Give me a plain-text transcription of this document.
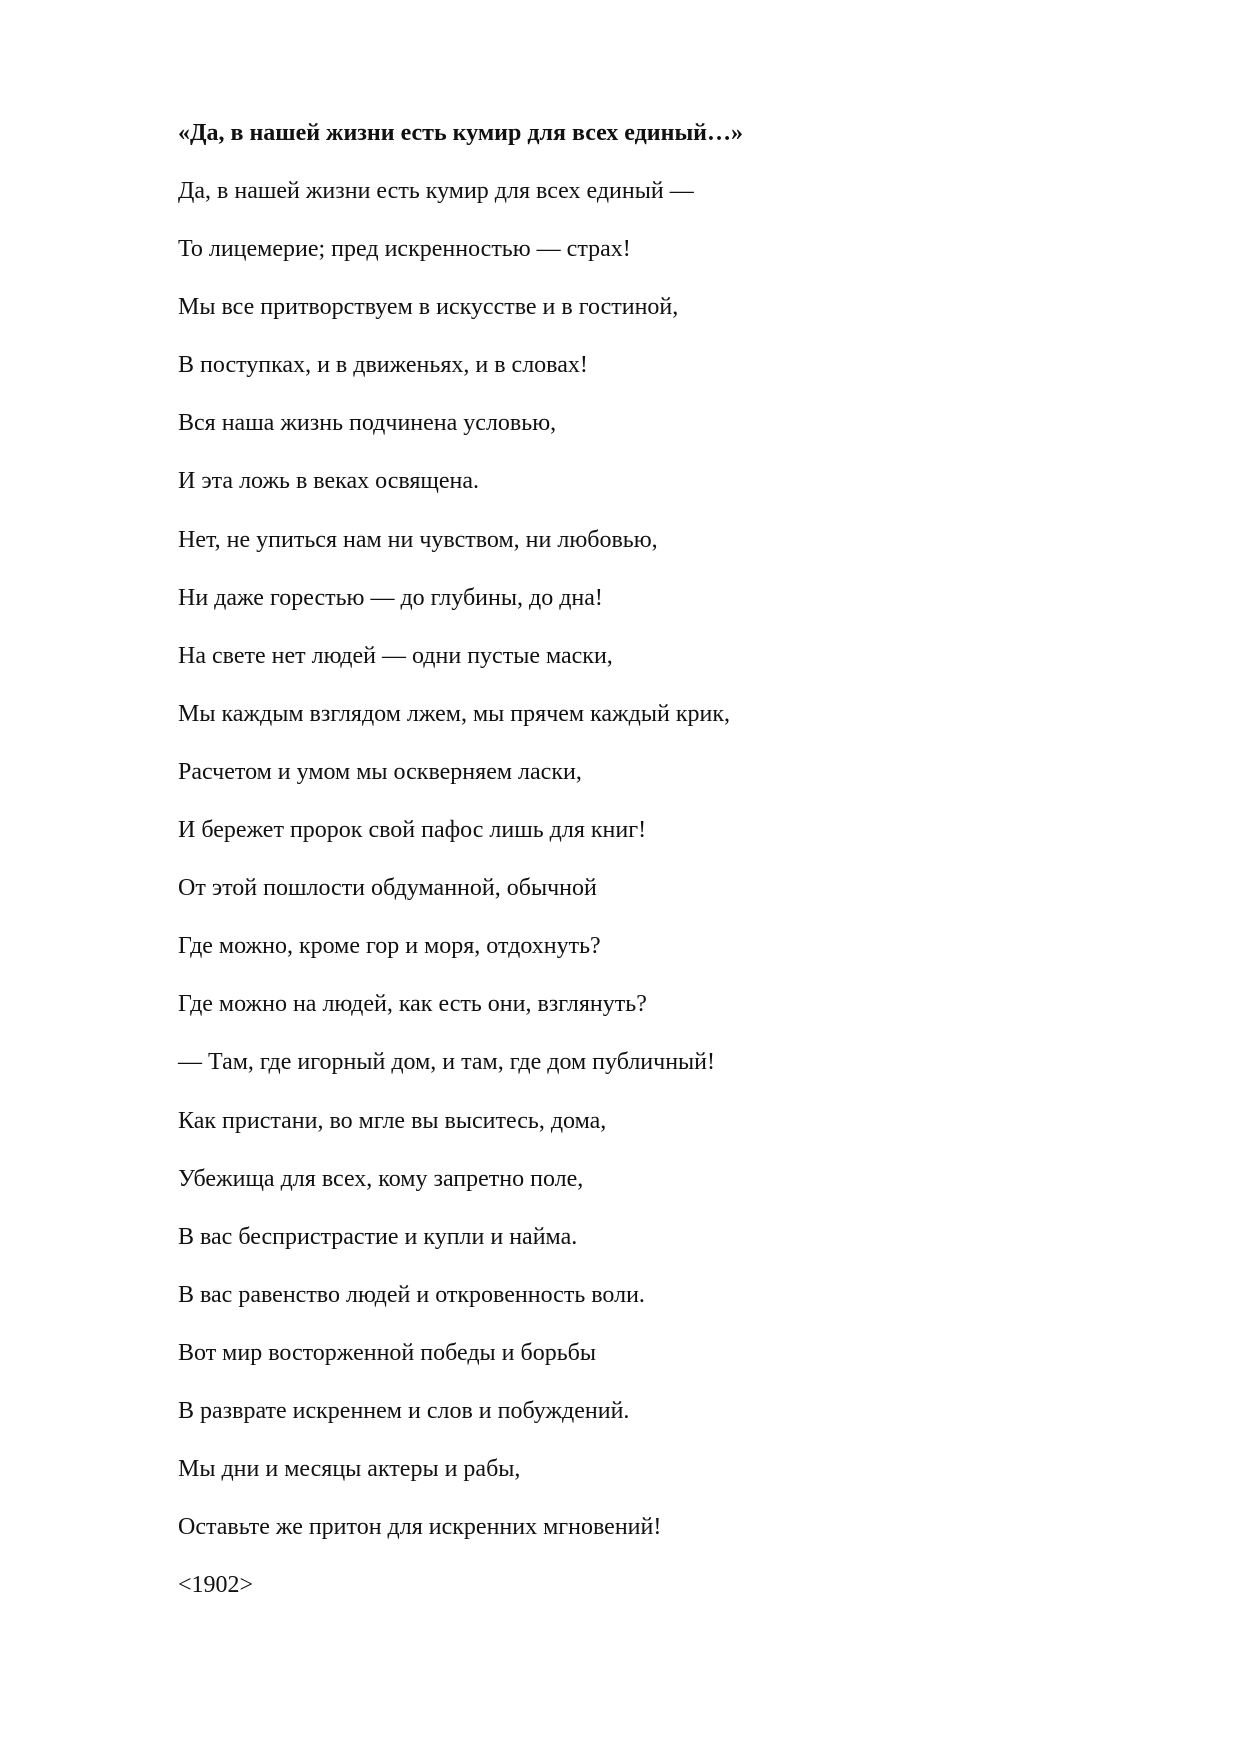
«Да, в нашей жизни есть кумир для всех единый…»

Да, в нашей жизни есть кумир для всех единый —
То лицемерие; пред искренностью — страх!
Мы все притворствуем в искусстве и в гостиной,
В поступках, и в движеньях, и в словах!
Вся наша жизнь подчинена условью,
И эта ложь в веках освящена.
Нет, не упиться нам ни чувством, ни любовью,
Ни даже горестью — до глубины, до дна!
На свете нет людей — одни пустые маски,
Мы каждым взглядом лжем, мы прячем каждый крик,
Расчетом и умом мы оскверняем ласки,
И бережет пророк свой пафос лишь для книг!
От этой пошлости обдуманной, обычной
Где можно, кроме гор и моря, отдохнуть?
Где можно на людей, как есть они, взглянуть?
— Там, где игорный дом, и там, где дом публичный!
Как пристани, во мгле вы выситесь, дома,
Убежища для всех, кому запретно поле,
В вас беспристрастие и купли и найма.
В вас равенство людей и откровенность воли.
Вот мир восторженной победы и борьбы
В разврате искреннем и слов и побуждений.
Мы дни и месяцы актеры и рабы,
Оставьте же притон для искренних мгновений!

<1902>
